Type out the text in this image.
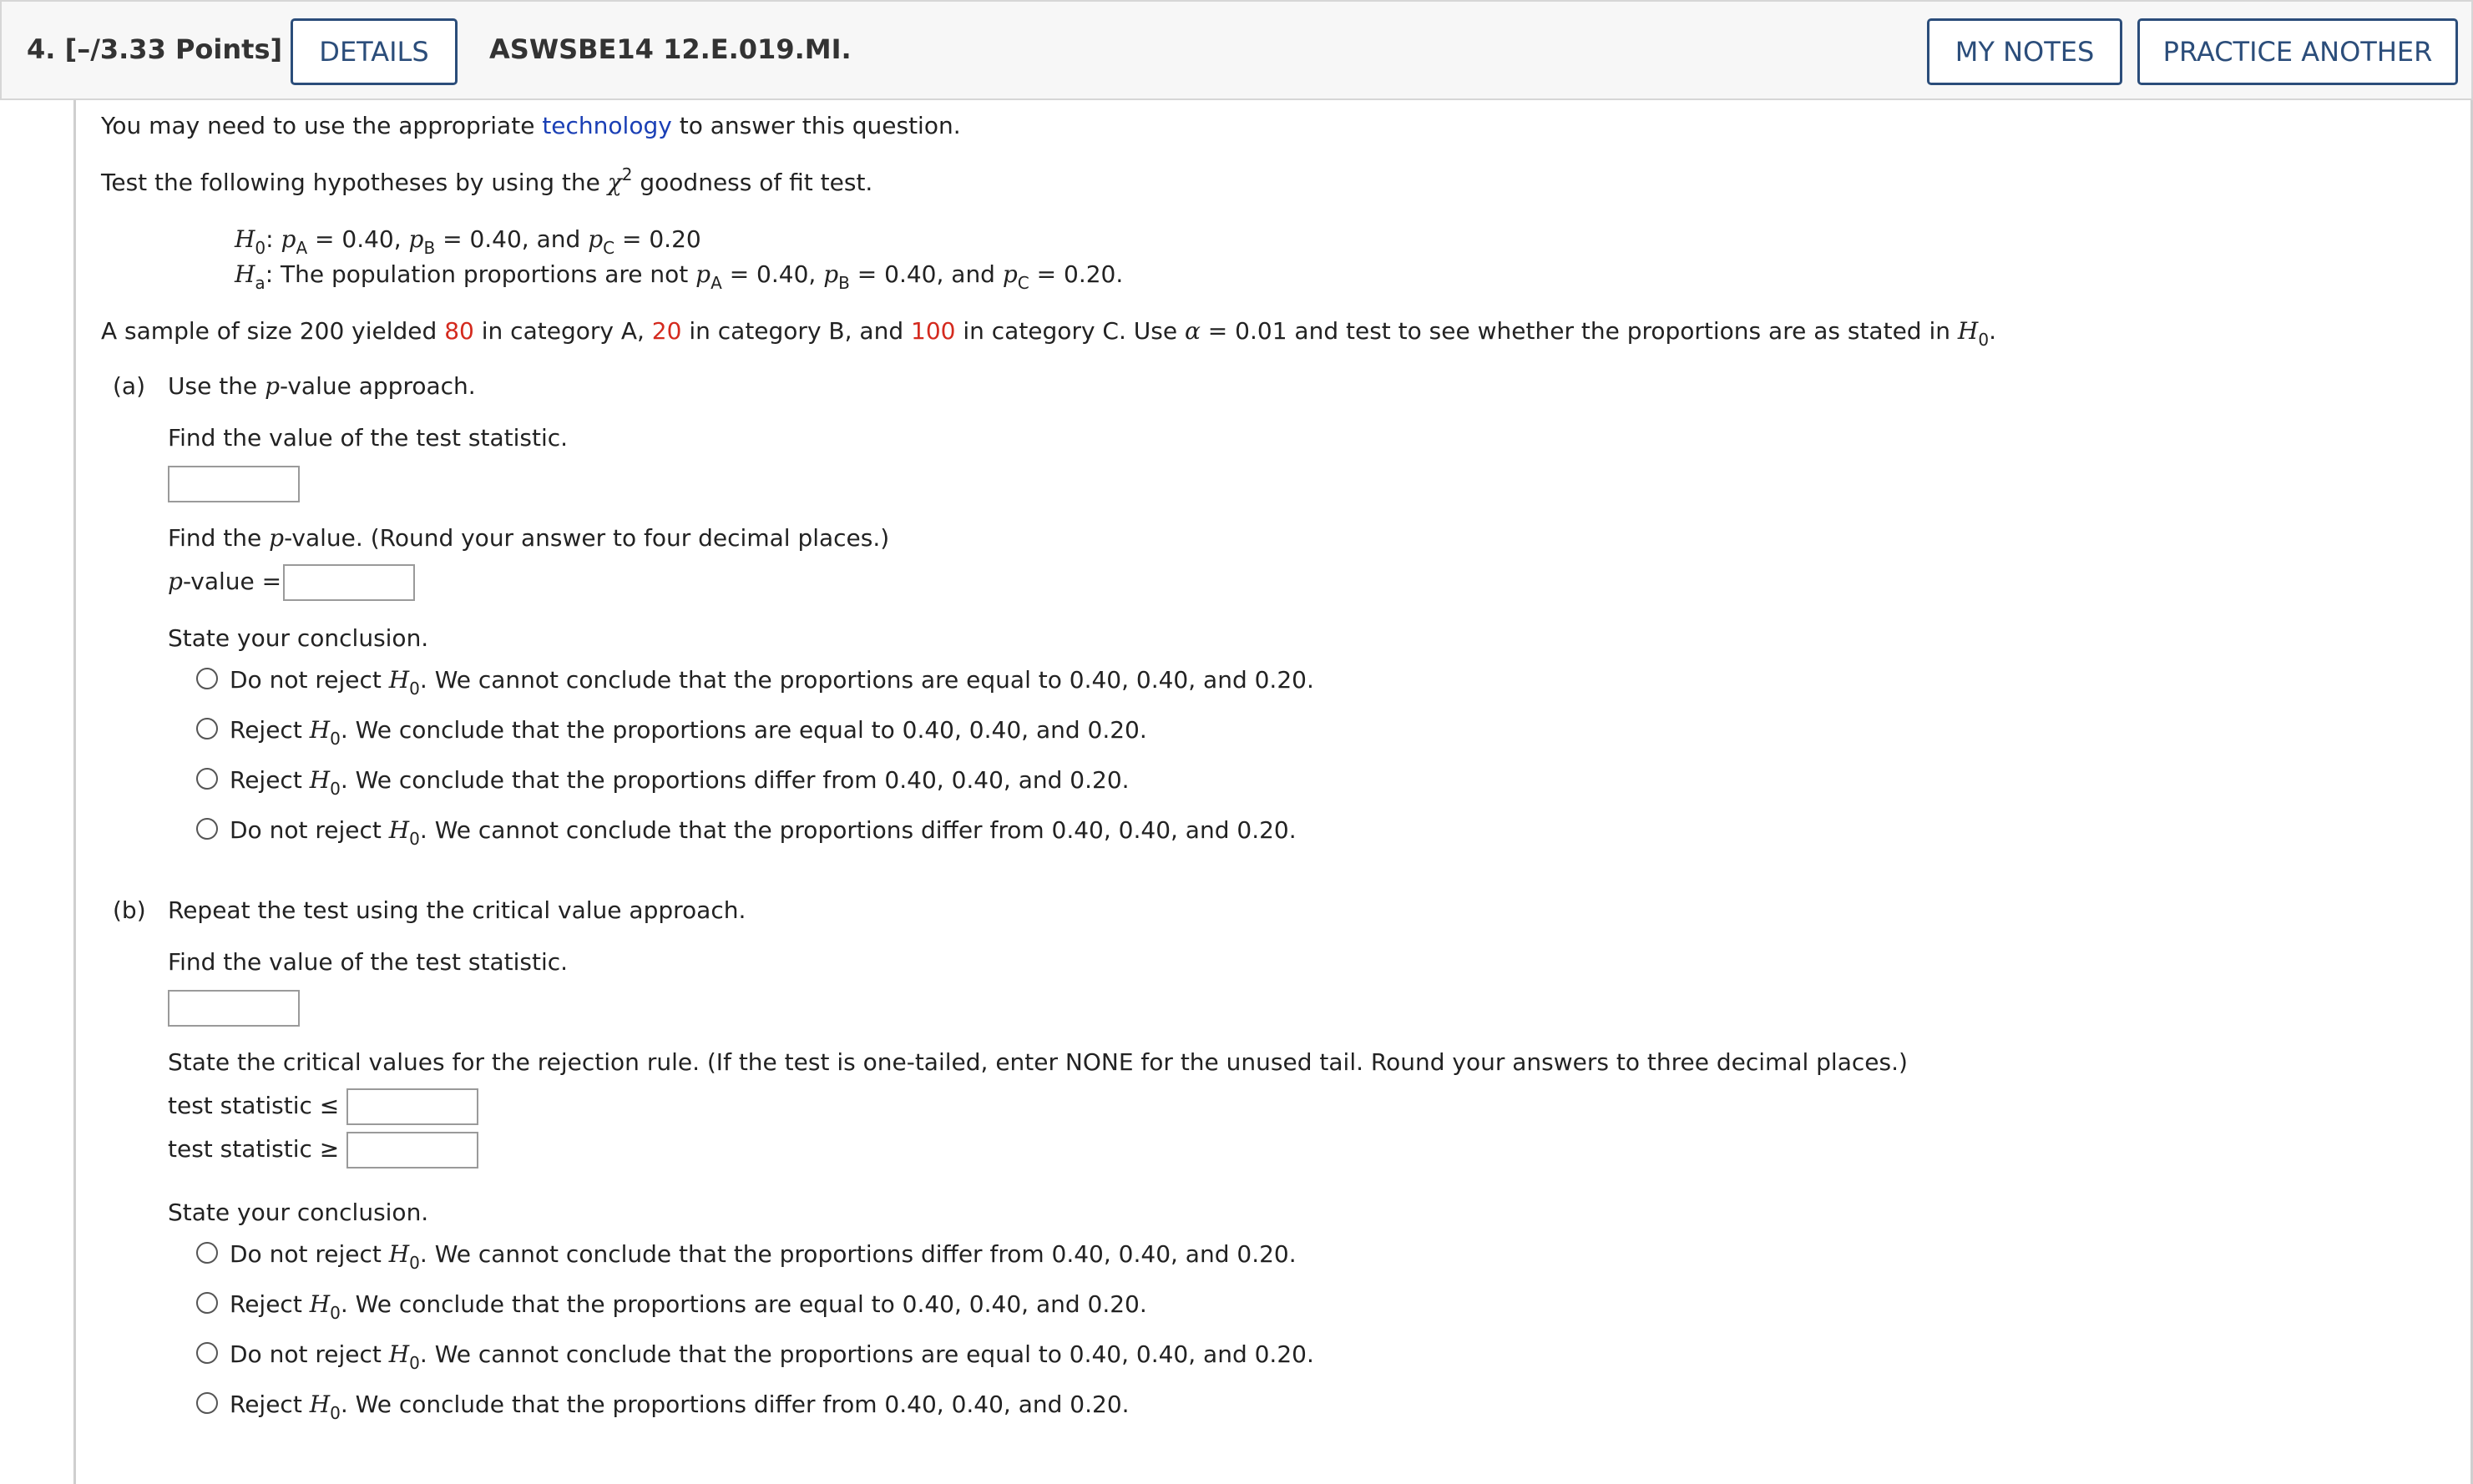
4. [–/3.33 Points]	DETAILS	ASWSBE14 12.E.019.MI.	MY NOTES	PRACTICE ANOTHER
You may need to use the appropriate technology to answer this question.
Test the following hypotheses by using the $\chi^2$ goodness of fit test.
$H_0$: $p_A = 0.40$, $p_B = 0.40$, and $p_C = 0.20$
$H_a$: The population proportions are not $p_A = 0.40$, $p_B = 0.40$, and $p_C = 0.20$.
A sample of size 200 yielded 80 in category A, 20 in category B, and 100 in category C. Use α = 0.01 and test to see whether the proportions are as stated in $H_0$.
(a) Use the p-value approach.
Find the value of the test statistic.
Find the p-value. (Round your answer to four decimal places.)
p-value =
State your conclusion.
Do not reject $H_0$. We cannot conclude that the proportions are equal to 0.40, 0.40, and 0.20.
Reject $H_0$. We conclude that the proportions are equal to 0.40, 0.40, and 0.20.
Reject $H_0$. We conclude that the proportions differ from 0.40, 0.40, and 0.20.
Do not reject $H_0$. We cannot conclude that the proportions differ from 0.40, 0.40, and 0.20.
(b) Repeat the test using the critical value approach.
Find the value of the test statistic.
State the critical values for the rejection rule. (If the test is one-tailed, enter NONE for the unused tail. Round your answers to three decimal places.)
test statistic ≤
test statistic ≥
State your conclusion.
Do not reject $H_0$. We cannot conclude that the proportions differ from 0.40, 0.40, and 0.20.
Reject $H_0$. We conclude that the proportions are equal to 0.40, 0.40, and 0.20.
Do not reject $H_0$. We cannot conclude that the proportions are equal to 0.40, 0.40, and 0.20.
Reject $H_0$. We conclude that the proportions differ from 0.40, 0.40, and 0.20.
